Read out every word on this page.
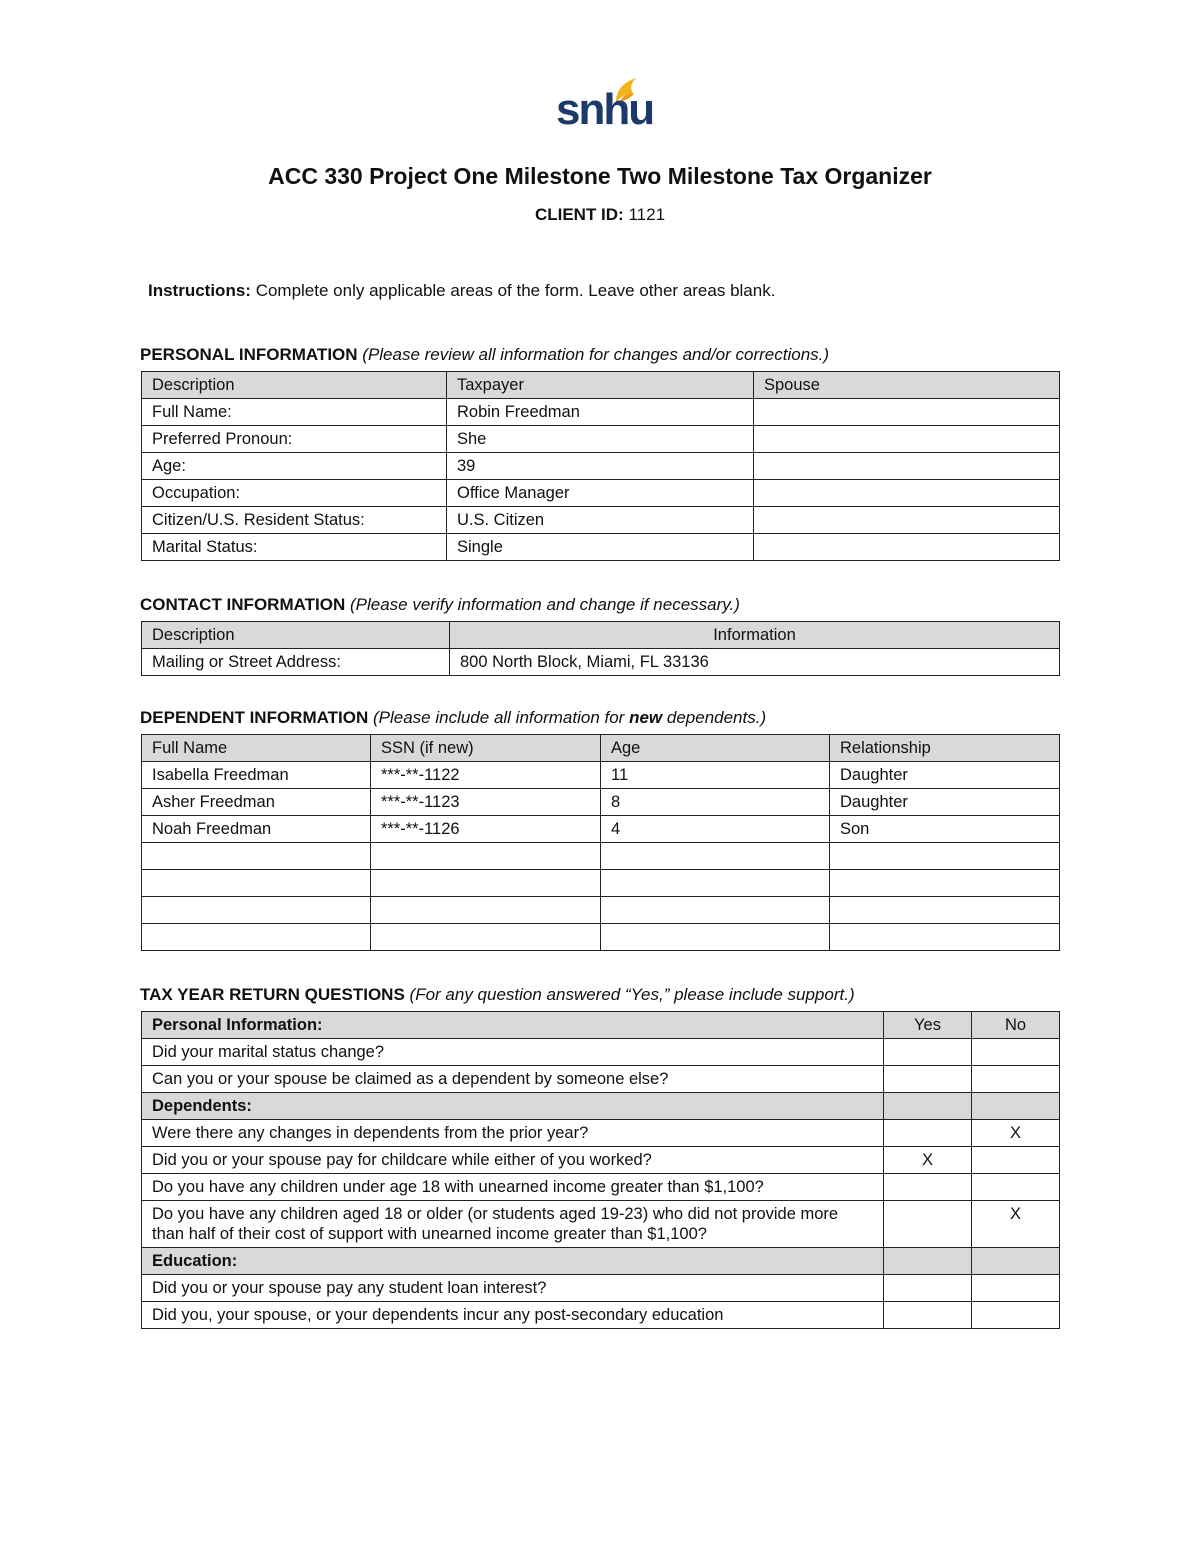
snhu
ACC 330 Project One Milestone Two Milestone Tax Organizer
CLIENT ID: 1121
Instructions: Complete only applicable areas of the form. Leave other areas blank.
PERSONAL INFORMATION (Please review all information for changes and/or corrections.)
Description	Taxpayer	Spouse
Full Name:	Robin Freedman	
Preferred Pronoun:	She	
Age:	39	
Occupation:	Office Manager	
Citizen/U.S. Resident Status:	U.S. Citizen	
Marital Status:	Single	
CONTACT INFORMATION (Please verify information and change if necessary.)
Description	Information
Mailing or Street Address:	800 North Block, Miami, FL 33136
DEPENDENT INFORMATION (Please include all information for new dependents.)
Full Name	SSN (if new)	Age	Relationship
Isabella Freedman	***-**-1122	11	Daughter
Asher Freedman	***-**-1123	8	Daughter
Noah Freedman	***-**-1126	4	Son

TAX YEAR RETURN QUESTIONS (For any question answered “Yes,” please include support.)
Personal Information:	Yes	No
Did your marital status change?		
Can you or your spouse be claimed as a dependent by someone else?		
Dependents:		
Were there any changes in dependents from the prior year?		X
Did you or your spouse pay for childcare while either of you worked?	X	
Do you have any children under age 18 with unearned income greater than $1,100?		
Do you have any children aged 18 or older (or students aged 19-23) who did not provide more than half of their cost of support with unearned income greater than $1,100?		X
Education:		
Did you or your spouse pay any student loan interest?		
Did you, your spouse, or your dependents incur any post-secondary education		
